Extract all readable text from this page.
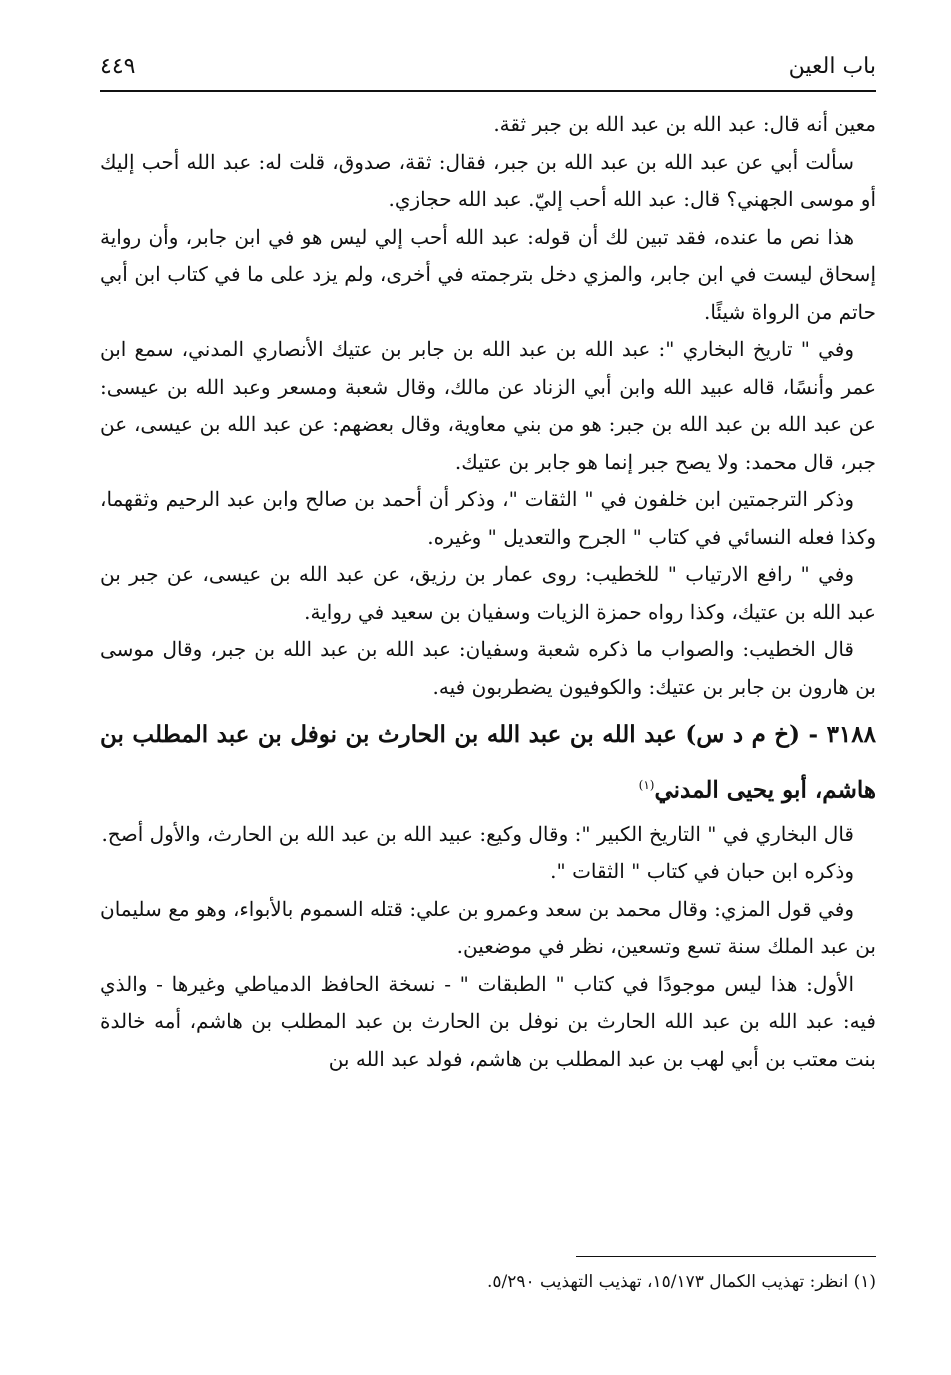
باب العين
٤٤٩

معين أنه قال: عبد الله بن عبد الله بن جبر ثقة.

سألت أبي عن عبد الله بن عبد الله بن جبر، فقال: ثقة، صدوق، قلت له: عبد الله أحب إليك أو موسى الجهني؟ قال: عبد الله أحب إليّ. عبد الله حجازي.

هذا نص ما عنده، فقد تبين لك أن قوله: عبد الله أحب إلي ليس هو في ابن جابر، وأن رواية إسحاق ليست في ابن جابر، والمزي دخل بترجمته في أخرى، ولم يزد على ما في كتاب ابن أبي حاتم من الرواة شيئًا.

وفي " تاريخ البخاري ": عبد الله بن عبد الله بن جابر بن عتيك الأنصاري المدني، سمع ابن عمر وأنسًا، قاله عبيد الله وابن أبي الزناد عن مالك، وقال شعبة ومسعر وعبد الله بن عيسى: عن عبد الله بن عبد الله بن جبر: هو من بني معاوية، وقال بعضهم: عن عبد الله بن عيسى، عن جبر، قال محمد: ولا يصح جبر إنما هو جابر بن عتيك.

وذكر الترجمتين ابن خلفون في " الثقات "، وذكر أن أحمد بن صالح وابن عبد الرحيم وثقهما، وكذا فعله النسائي في كتاب " الجرح والتعديل " وغيره.

وفي " رافع الارتياب " للخطيب: روى عمار بن رزيق، عن عبد الله بن عيسى، عن جبر بن عبد الله بن عتيك، وكذا رواه حمزة الزيات وسفيان بن سعيد في رواية.

قال الخطيب: والصواب ما ذكره شعبة وسفيان: عبد الله بن عبد الله بن جبر، وقال موسى بن هارون بن جابر بن عتيك: والكوفيون يضطربون فيه.

٣١٨٨ - (خ م د س) عبد الله بن عبد الله بن الحارث بن نوفل بن عبد المطلب بن هاشم، أبو يحيى المدني$^{(١)}$

قال البخاري في " التاريخ الكبير ": وقال وكيع: عبيد الله بن عبد الله بن الحارث، والأول أصح.

وذكره ابن حبان في كتاب " الثقات ".

وفي قول المزي: وقال محمد بن سعد وعمرو بن علي: قتله السموم بالأبواء، وهو مع سليمان بن عبد الملك سنة تسع وتسعين، نظر في موضعين.

الأول: هذا ليس موجودًا في كتاب " الطبقات " - نسخة الحافظ الدمياطي وغيرها - والذي فيه: عبد الله بن عبد الله الحارث بن نوفل بن الحارث بن عبد المطلب بن هاشم، أمه خالدة بنت معتب بن أبي لهب بن عبد المطلب بن هاشم، فولد عبد الله بن

(١) انظر: تهذيب الكمال ١٥/١٧٣، تهذيب التهذيب ٥/٢٩٠.
